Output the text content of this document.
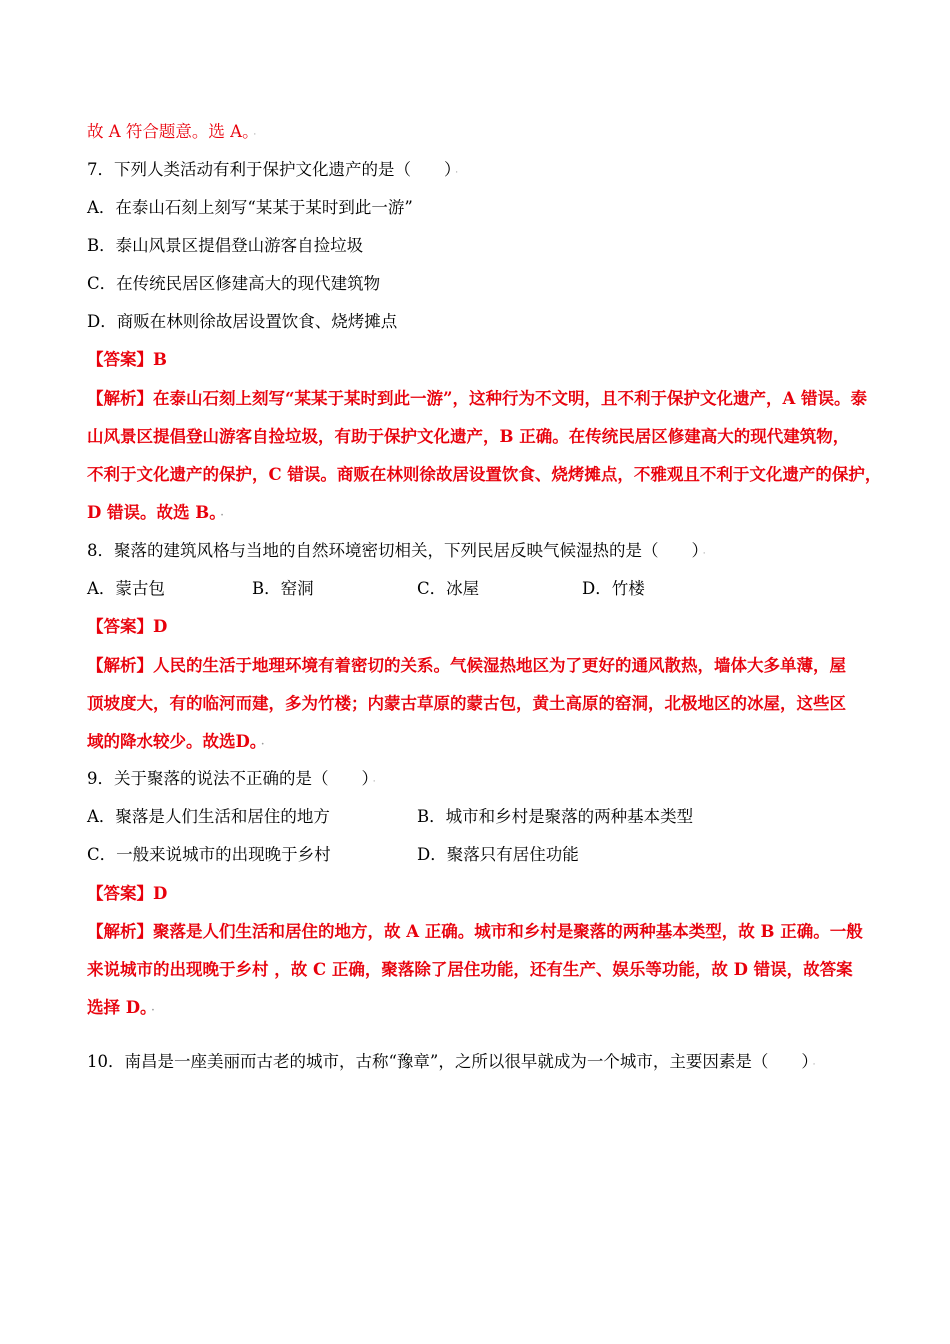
故 A 符合题意。选 A。 ·

7．下列人类活动有利于保护文化遗产的是（　　） ·

A．在泰山石刻上刻写“某某于某时到此一游”

B．泰山风景区提倡登山游客自捡垃圾

C．在传统民居区修建高大的现代建筑物

D．商贩在林则徐故居设置饮食、烧烤摊点

【答案】B

【解析】在泰山石刻上刻写“某某于某时到此一游”，这种行为不文明，且不利于保护文化遗产，A 错误。泰

山风景区提倡登山游客自捡垃圾，有助于保护文化遗产，B 正确。在传统民居区修建高大的现代建筑物，

不利于文化遗产的保护，C 错误。商贩在林则徐故居设置饮食、烧烤摊点，不雅观且不利于文化遗产的保护，

D 错误。故选 B。 ·

8．聚落的建筑风格与当地的自然环境密切相关，下列民居反映气候湿热的是（　　） ·

A．蒙古包	B．窑洞	C．冰屋	D．竹楼

【答案】D

【解析】人民的生活于地理环境有着密切的关系。气候湿热地区为了更好的通风散热，墙体大多单薄，屋

顶坡度大，有的临河而建，多为竹楼；内蒙古草原的蒙古包，黄土高原的窑洞，北极地区的冰屋，这些区

域的降水较少。故选D。 ·

9．关于聚落的说法不正确的是（　　） ·

A．聚落是人们生活和居住的地方	B．城市和乡村是聚落的两种基本类型
C．一般来说城市的出现晚于乡村	D．聚落只有居住功能

【答案】D

【解析】聚落是人们生活和居住的地方，故 A 正确。城市和乡村是聚落的两种基本类型，故 B 正确。一般

来说城市的出现晚于乡村 ，故 C 正确，聚落除了居住功能，还有生产、娱乐等功能，故 D 错误，故答案

选择 D。 ·

10．南昌是一座美丽而古老的城市，古称“豫章”，之所以很早就成为一个城市，主要因素是（　　） ·
